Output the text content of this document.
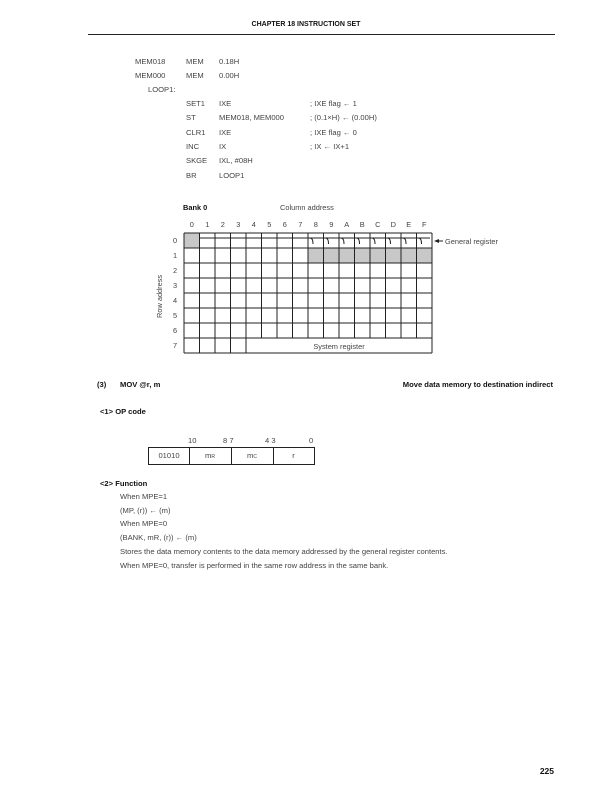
CHAPTER 18 INSTRUCTION SET
MEM018	MEM 0.18H
MEM000	MEM 0.00H
LOOP1:
SET1 IXE	; IXE flag ← 1
ST	MEM018, MEM000	; (0.1×H) ← (0.00H)
CLR1 IXE	; IXE flag ← 0
INC	IX	; IX ← IX+1
SKGE IXL, #08H
BR	LOOP1
Bank 0	Column address
Row address
0 1 2 3 4 5 6 7 8 9 A B C D E F
0
1
2
3
4
5
6
7
General register
System register
(3) MOV @r, m	Move data memory to destination indirect
<1> OP code
10	8 7	4 3	0
01010	mR	mC	r
<2> Function
When MPE=1
(MP, (r)) ← (m)
When MPE=0
(BANK, mR, (r)) ← (m)
Stores the data memory contents to the data memory addressed by the general register contents.
When MPE=0, transfer is performed in the same row address in the same bank.
225
